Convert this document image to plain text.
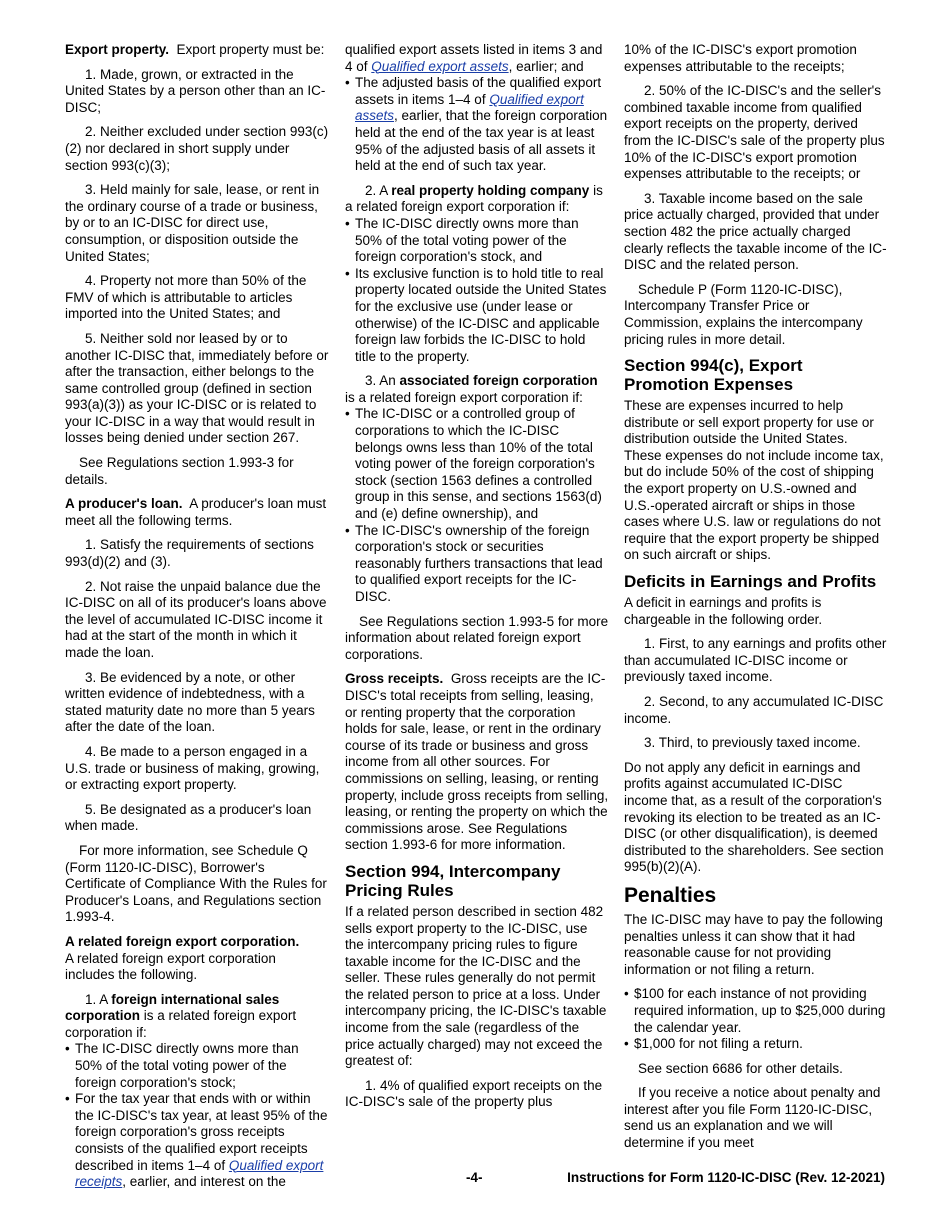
Export property. Export property must be:

1. Made, grown, or extracted in the United States by a person other than an IC-DISC;

2. Neither excluded under section 993(c)(2) nor declared in short supply under section 993(c)(3);

3. Held mainly for sale, lease, or rent in the ordinary course of a trade or business, by or to an IC-DISC for direct use, consumption, or disposition outside the United States;

4. Property not more than 50% of the FMV of which is attributable to articles imported into the United States; and

5. Neither sold nor leased by or to another IC-DISC that, immediately before or after the transaction, either belongs to the same controlled group (defined in section 993(a)(3)) as your IC-DISC or is related to your IC-DISC in a way that would result in losses being denied under section 267.

See Regulations section 1.993-3 for details.

A producer's loan. A producer's loan must meet all the following terms.

1. Satisfy the requirements of sections 993(d)(2) and (3).

2. Not raise the unpaid balance due the IC-DISC on all of its producer's loans above the level of accumulated IC-DISC income it had at the start of the month in which it made the loan.

3. Be evidenced by a note, or other written evidence of indebtedness, with a stated maturity date no more than 5 years after the date of the loan.

4. Be made to a person engaged in a U.S. trade or business of making, growing, or extracting export property.

5. Be designated as a producer's loan when made.

For more information, see Schedule Q (Form 1120-IC-DISC), Borrower's Certificate of Compliance With the Rules for Producer's Loans, and Regulations section 1.993-4.

A related foreign export corporation.
A related foreign export corporation includes the following.

1. A foreign international sales corporation is a related foreign export corporation if:

• The IC-DISC directly owns more than 50% of the total voting power of the foreign corporation's stock;

• For the tax year that ends with or within the IC-DISC's tax year, at least 95% of the foreign corporation's gross receipts consists of the qualified export receipts described in items 1–4 of Qualified export receipts, earlier, and interest on the

qualified export assets listed in items 3 and 4 of Qualified export assets, earlier; and

• The adjusted basis of the qualified export assets in items 1–4 of Qualified export assets, earlier, that the foreign corporation held at the end of the tax year is at least 95% of the adjusted basis of all assets it held at the end of such tax year.

2. A real property holding company is a related foreign export corporation if:

• The IC-DISC directly owns more than 50% of the total voting power of the foreign corporation's stock, and

• Its exclusive function is to hold title to real property located outside the United States for the exclusive use (under lease or otherwise) of the IC-DISC and applicable foreign law forbids the IC-DISC to hold title to the property.

3. An associated foreign corporation is a related foreign export corporation if:

• The IC-DISC or a controlled group of corporations to which the IC-DISC belongs owns less than 10% of the total voting power of the foreign corporation's stock (section 1563 defines a controlled group in this sense, and sections 1563(d) and (e) define ownership), and

• The IC-DISC's ownership of the foreign corporation's stock or securities reasonably furthers transactions that lead to qualified export receipts for the IC-DISC.

See Regulations section 1.993-5 for more information about related foreign export corporations.

Gross receipts. Gross receipts are the IC-DISC's total receipts from selling, leasing, or renting property that the corporation holds for sale, lease, or rent in the ordinary course of its trade or business and gross income from all other sources. For commissions on selling, leasing, or renting property, include gross receipts from selling, leasing, or renting the property on which the commissions arose. See Regulations section 1.993-6 for more information.

Section 994, Intercompany Pricing Rules

If a related person described in section 482 sells export property to the IC-DISC, use the intercompany pricing rules to figure taxable income for the IC-DISC and the seller. These rules generally do not permit the related person to price at a loss. Under intercompany pricing, the IC-DISC's taxable income from the sale (regardless of the price actually charged) may not exceed the greatest of:

1. 4% of qualified export receipts on the IC-DISC's sale of the property plus

10% of the IC-DISC's export promotion expenses attributable to the receipts;

2. 50% of the IC-DISC's and the seller's combined taxable income from qualified export receipts on the property, derived from the IC-DISC's sale of the property plus 10% of the IC-DISC's export promotion expenses attributable to the receipts; or

3. Taxable income based on the sale price actually charged, provided that under section 482 the price actually charged clearly reflects the taxable income of the IC-DISC and the related person.

Schedule P (Form 1120-IC-DISC), Intercompany Transfer Price or Commission, explains the intercompany pricing rules in more detail.

Section 994(c), Export Promotion Expenses

These are expenses incurred to help distribute or sell export property for use or distribution outside the United States. These expenses do not include income tax, but do include 50% of the cost of shipping the export property on U.S.-owned and U.S.-operated aircraft or ships in those cases where U.S. law or regulations do not require that the export property be shipped on such aircraft or ships.

Deficits in Earnings and Profits

A deficit in earnings and profits is chargeable in the following order.

1. First, to any earnings and profits other than accumulated IC-DISC income or previously taxed income.

2. Second, to any accumulated IC-DISC income.

3. Third, to previously taxed income.

Do not apply any deficit in earnings and profits against accumulated IC-DISC income that, as a result of the corporation's revoking its election to be treated as an IC-DISC (or other disqualification), is deemed distributed to the shareholders. See section 995(b)(2)(A).

Penalties

The IC-DISC may have to pay the following penalties unless it can show that it had reasonable cause for not providing information or not filing a return.

• $100 for each instance of not providing required information, up to $25,000 during the calendar year.

• $1,000 for not filing a return.

See section 6686 for other details.

If you receive a notice about penalty and interest after you file Form 1120-IC-DISC, send us an explanation and we will determine if you meet

-4-	Instructions for Form 1120-IC-DISC (Rev. 12-2021)
